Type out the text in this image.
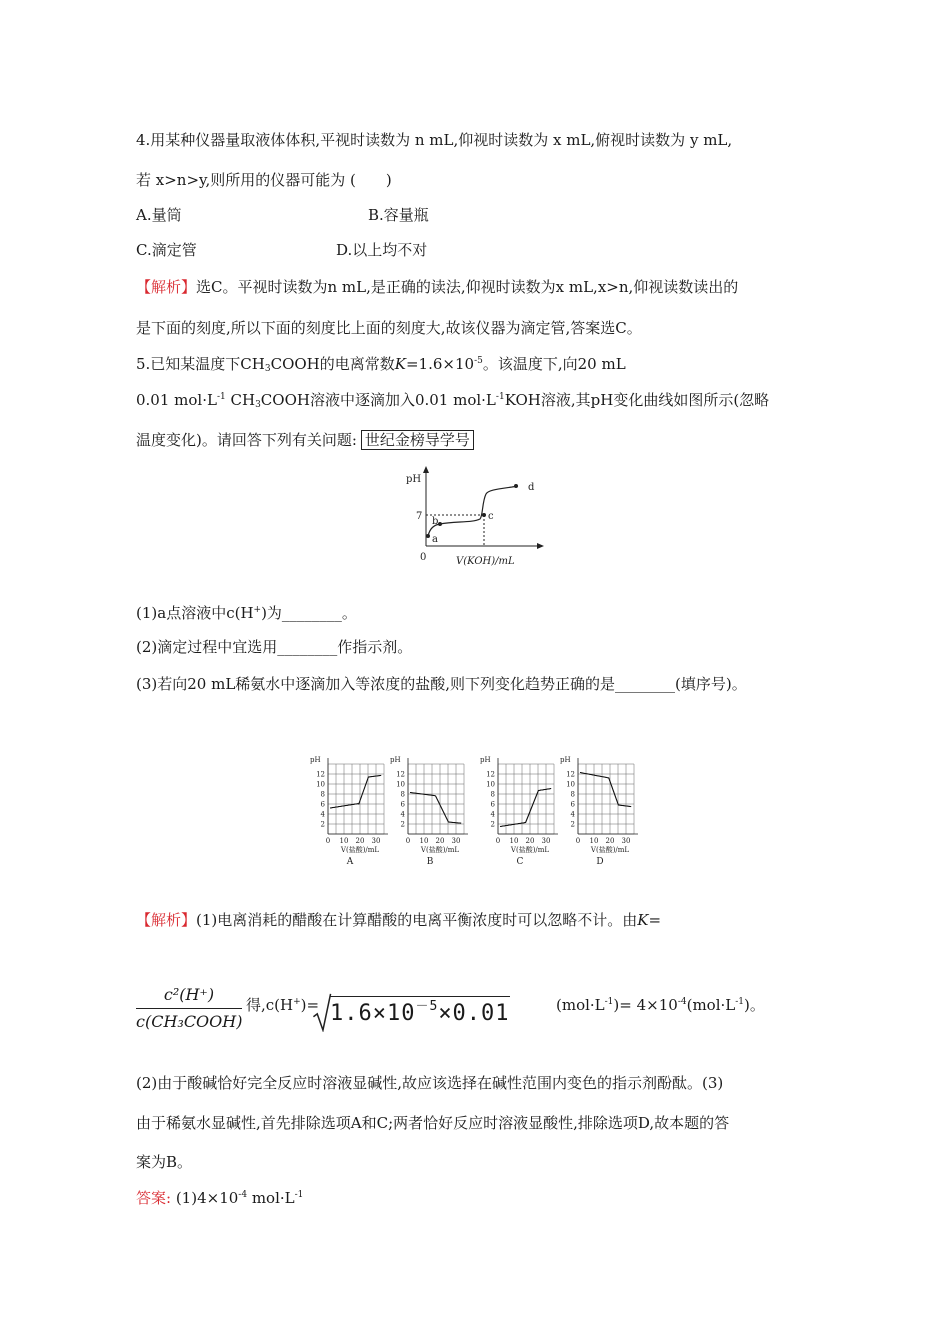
4.用某种仪器量取液体体积,平视时读数为 n mL,仰视时读数为 x mL,俯视时读数为 y mL,
若 x>n>y,则所用的仪器可能为 (　　)
A.量筒	B.容量瓶
C.滴定管	D.以上均不对
【解析】选C。平视时读数为n mL,是正确的读法,仰视时读数为x mL,x>n,仰视读数读出的
是下面的刻度,所以下面的刻度比上面的刻度大,故该仪器为滴定管,答案选C。
5.已知某温度下$CH_3COOH$的电离常数$K=1.6\times 10^{-5}$。该温度下,向20 mL
0.01 $mol\cdot L^{-1}$ $CH_3COOH$溶液中逐滴加入0.01 $mol\cdot L^{-1}KOH$溶液,其pH变化曲线如图所示(忽略
温度变化)。请回答下列有关问题: 世纪金榜导学号
pH
0	V(KOH)/mL
7
a
b	c
d
(1)a点溶液中c(H+)为________。
(2)滴定过程中宜选用________作指示剂。
(3)若向20 mL稀氨水中逐滴加入等浓度的盐酸,则下列变化趋势正确的是________(填序号)。
pH
12
10
8
6
4
2
0 10 20 30
V(盐酸)/mL
A
pH
12
10
8
6
4
2
0 10 20 30
V(盐酸)/mL
B
pH
12
10
8
6
4
2
0 10 20 30
V(盐酸)/mL
C
pH
12
10
8
6
4
2
0 10 20 30
V(盐酸)/mL
D
【解析】(1)电离消耗的醋酸在计算醋酸的电离平衡浓度时可以忽略不计。由K=
c²(H⁺)
c(CH₃COOH)
得$,c(H^+)= 1.6\times 10^{-5}\times 0.01$	$(mol\cdot L^{-1})= 4\times 10^{-4}(mol\cdot L^{-1})$。
(2)由于酸碱恰好完全反应时溶液显碱性,故应该选择在碱性范围内变色的指示剂酚酞。(3)
由于稀氨水显碱性,首先排除选项A和C;两者恰好反应时溶液显酸性,排除选项D,故本题的答
案为B。
答案: $(1)4\times 10^{-4}$ $mol\cdot L^{-1}$
